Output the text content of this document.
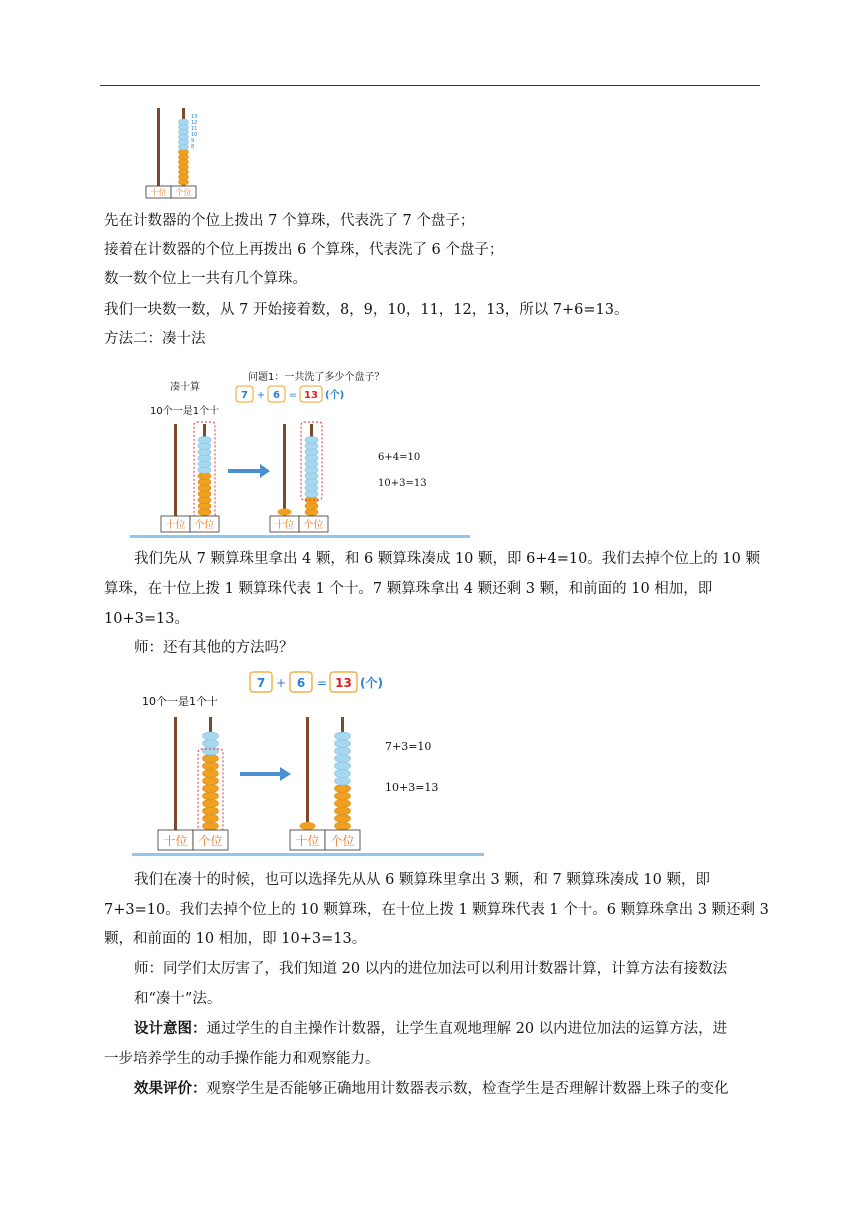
13
12
11
10
9
8
十位 个位
先在计数器的个位上拨出 7 个算珠，代表洗了 7 个盘子；
接着在计数器的个位上再拨出 6 个算珠，代表洗了 6 个盘子；
数一数个位上一共有几个算珠。
我们一块数一数，从 7 开始接着数，8，9，10，11，12，13，所以 7+6=13。
方法二：凑十法
凑十算
10个一是1个十
问题1：一共洗了多少个盘子？
7 + 6 = 13 (个)
十位 个位	十位 个位
6+4=10
10+3=13
我们先从 7 颗算珠里拿出 4 颗，和 6 颗算珠凑成 10 颗，即 6+4=10。我们去掉个位上的 10 颗
算珠，在十位上拨 1 颗算珠代表 1 个十。7 颗算珠拿出 4 颗还剩 3 颗，和前面的 10 相加，即
10+3=13。
师：还有其他的方法吗？
7 + 6 = 13 (个)
10个一是1个十
十位 个位	十位 个位
7+3=10
10+3=13
我们在凑十的时候，也可以选择先从从 6 颗算珠里拿出 3 颗，和 7 颗算珠凑成 10 颗，即
7+3=10。我们去掉个位上的 10 颗算珠，在十位上拨 1 颗算珠代表 1 个十。6 颗算珠拿出 3 颗还剩 3
颗，和前面的 10 相加，即 10+3=13。
师：同学们太厉害了，我们知道 20 以内的进位加法可以利用计数器计算，计算方法有接数法
和“凑十”法。
设计意图：通过学生的自主操作计数器，让学生直观地理解 20 以内进位加法的运算方法，进
一步培养学生的动手操作能力和观察能力。
效果评价：观察学生是否能够正确地用计数器表示数，检查学生是否理解计数器上珠子的变化
